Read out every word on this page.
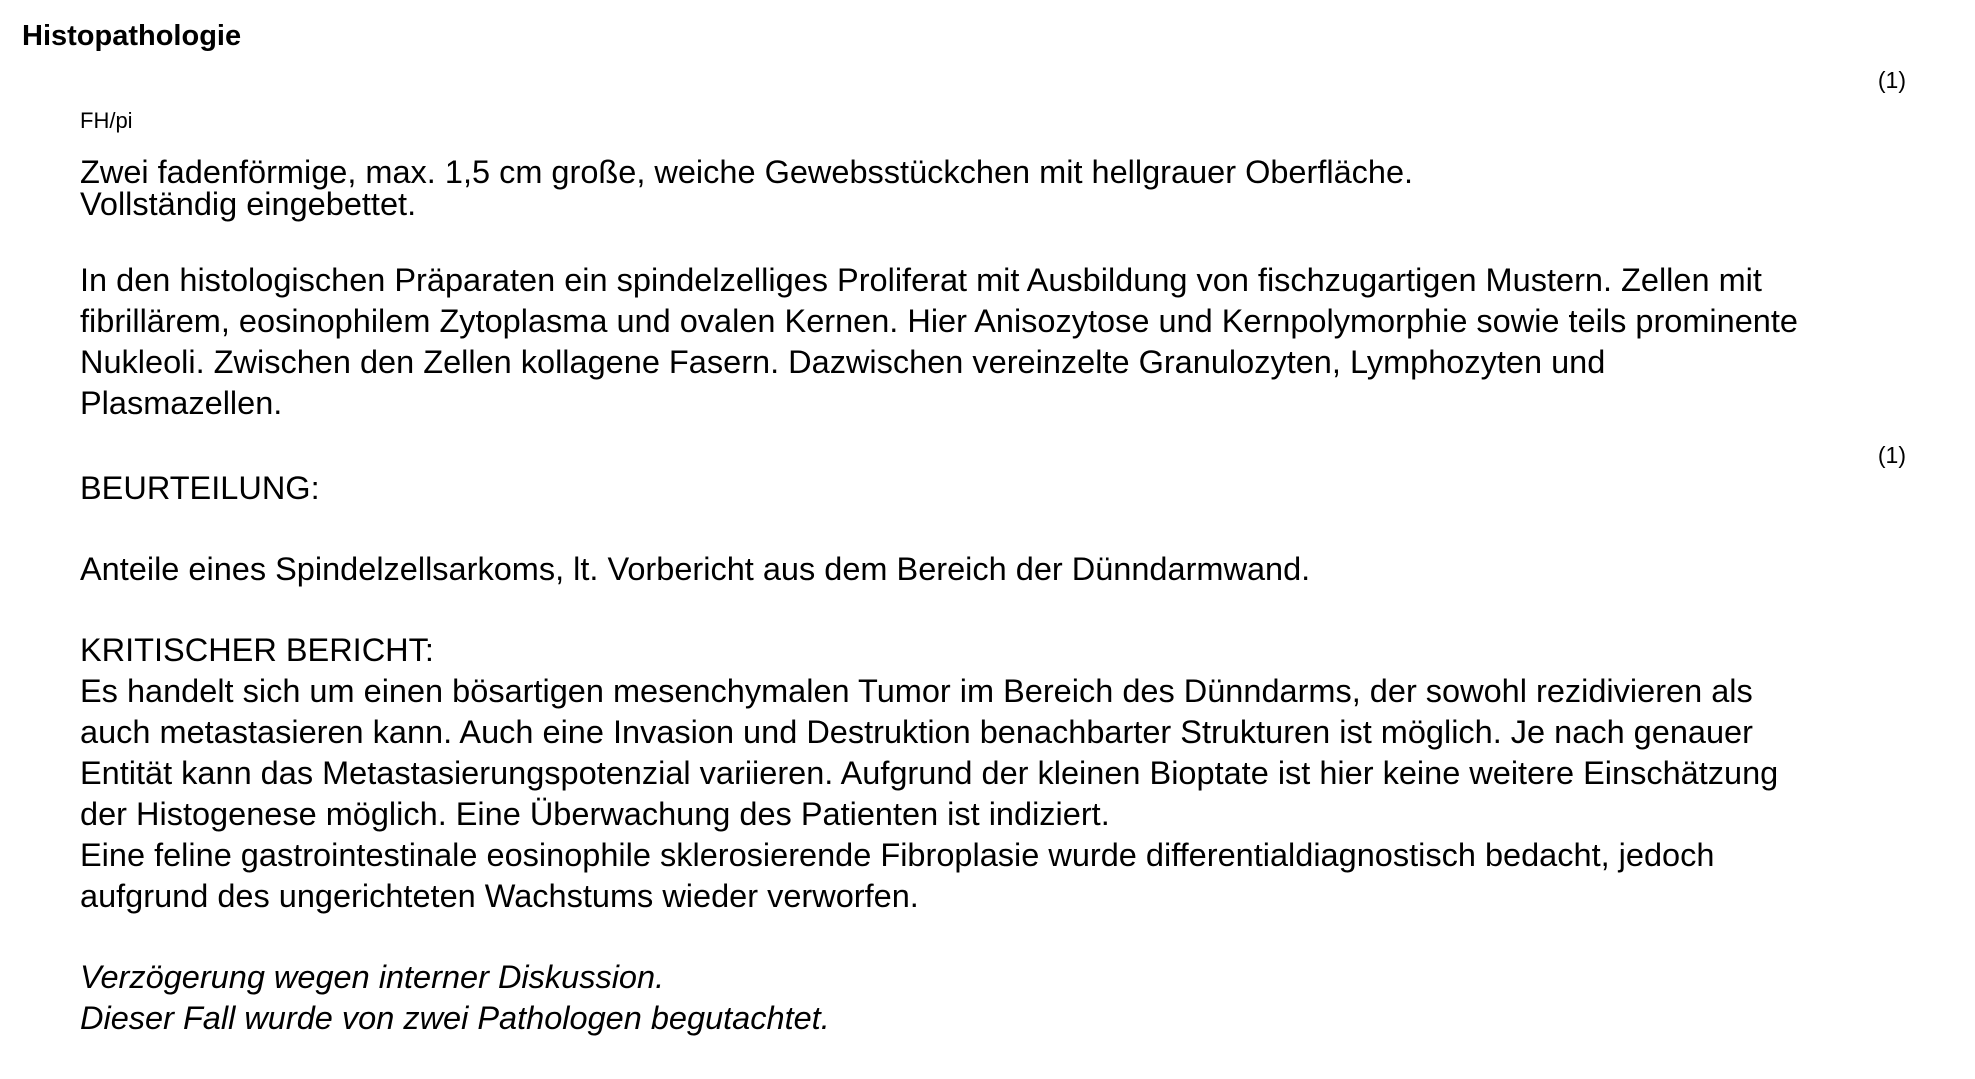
Histopathologie
(1)
FH/pi

Zwei fadenförmige, max. 1,5 cm große, weiche Gewebsstückchen mit hellgrauer Oberfläche.
Vollständig eingebettet.

In den histologischen Präparaten ein spindelzelliges Proliferat mit Ausbildung von fischzugartigen Mustern. Zellen mit
fibrillärem, eosinophilem Zytoplasma und ovalen Kernen. Hier Anisozytose und Kernpolymorphie sowie teils prominente
Nukleoli. Zwischen den Zellen kollagene Fasern. Dazwischen vereinzelte Granulozyten, Lymphozyten und
Plasmazellen.

BEURTEILUNG:

Anteile eines Spindelzellsarkoms, lt. Vorbericht aus dem Bereich der Dünndarmwand.

KRITISCHER BERICHT:

Es handelt sich um einen bösartigen mesenchymalen Tumor im Bereich des Dünndarms, der sowohl rezidivieren als
auch metastasieren kann. Auch eine Invasion und Destruktion benachbarter Strukturen ist möglich. Je nach genauer
Entität kann das Metastasierungspotenzial variieren. Aufgrund der kleinen Bioptate ist hier keine weitere Einschätzung
der Histogenese möglich. Eine Überwachung des Patienten ist indiziert.

Eine feline gastrointestinale eosinophile sklerosierende Fibroplasie wurde differentialdiagnostisch bedacht, jedoch
aufgrund des ungerichteten Wachstums wieder verworfen.

Verzögerung wegen interner Diskussion.

Dieser Fall wurde von zwei Pathologen begutachtet.

(1)
